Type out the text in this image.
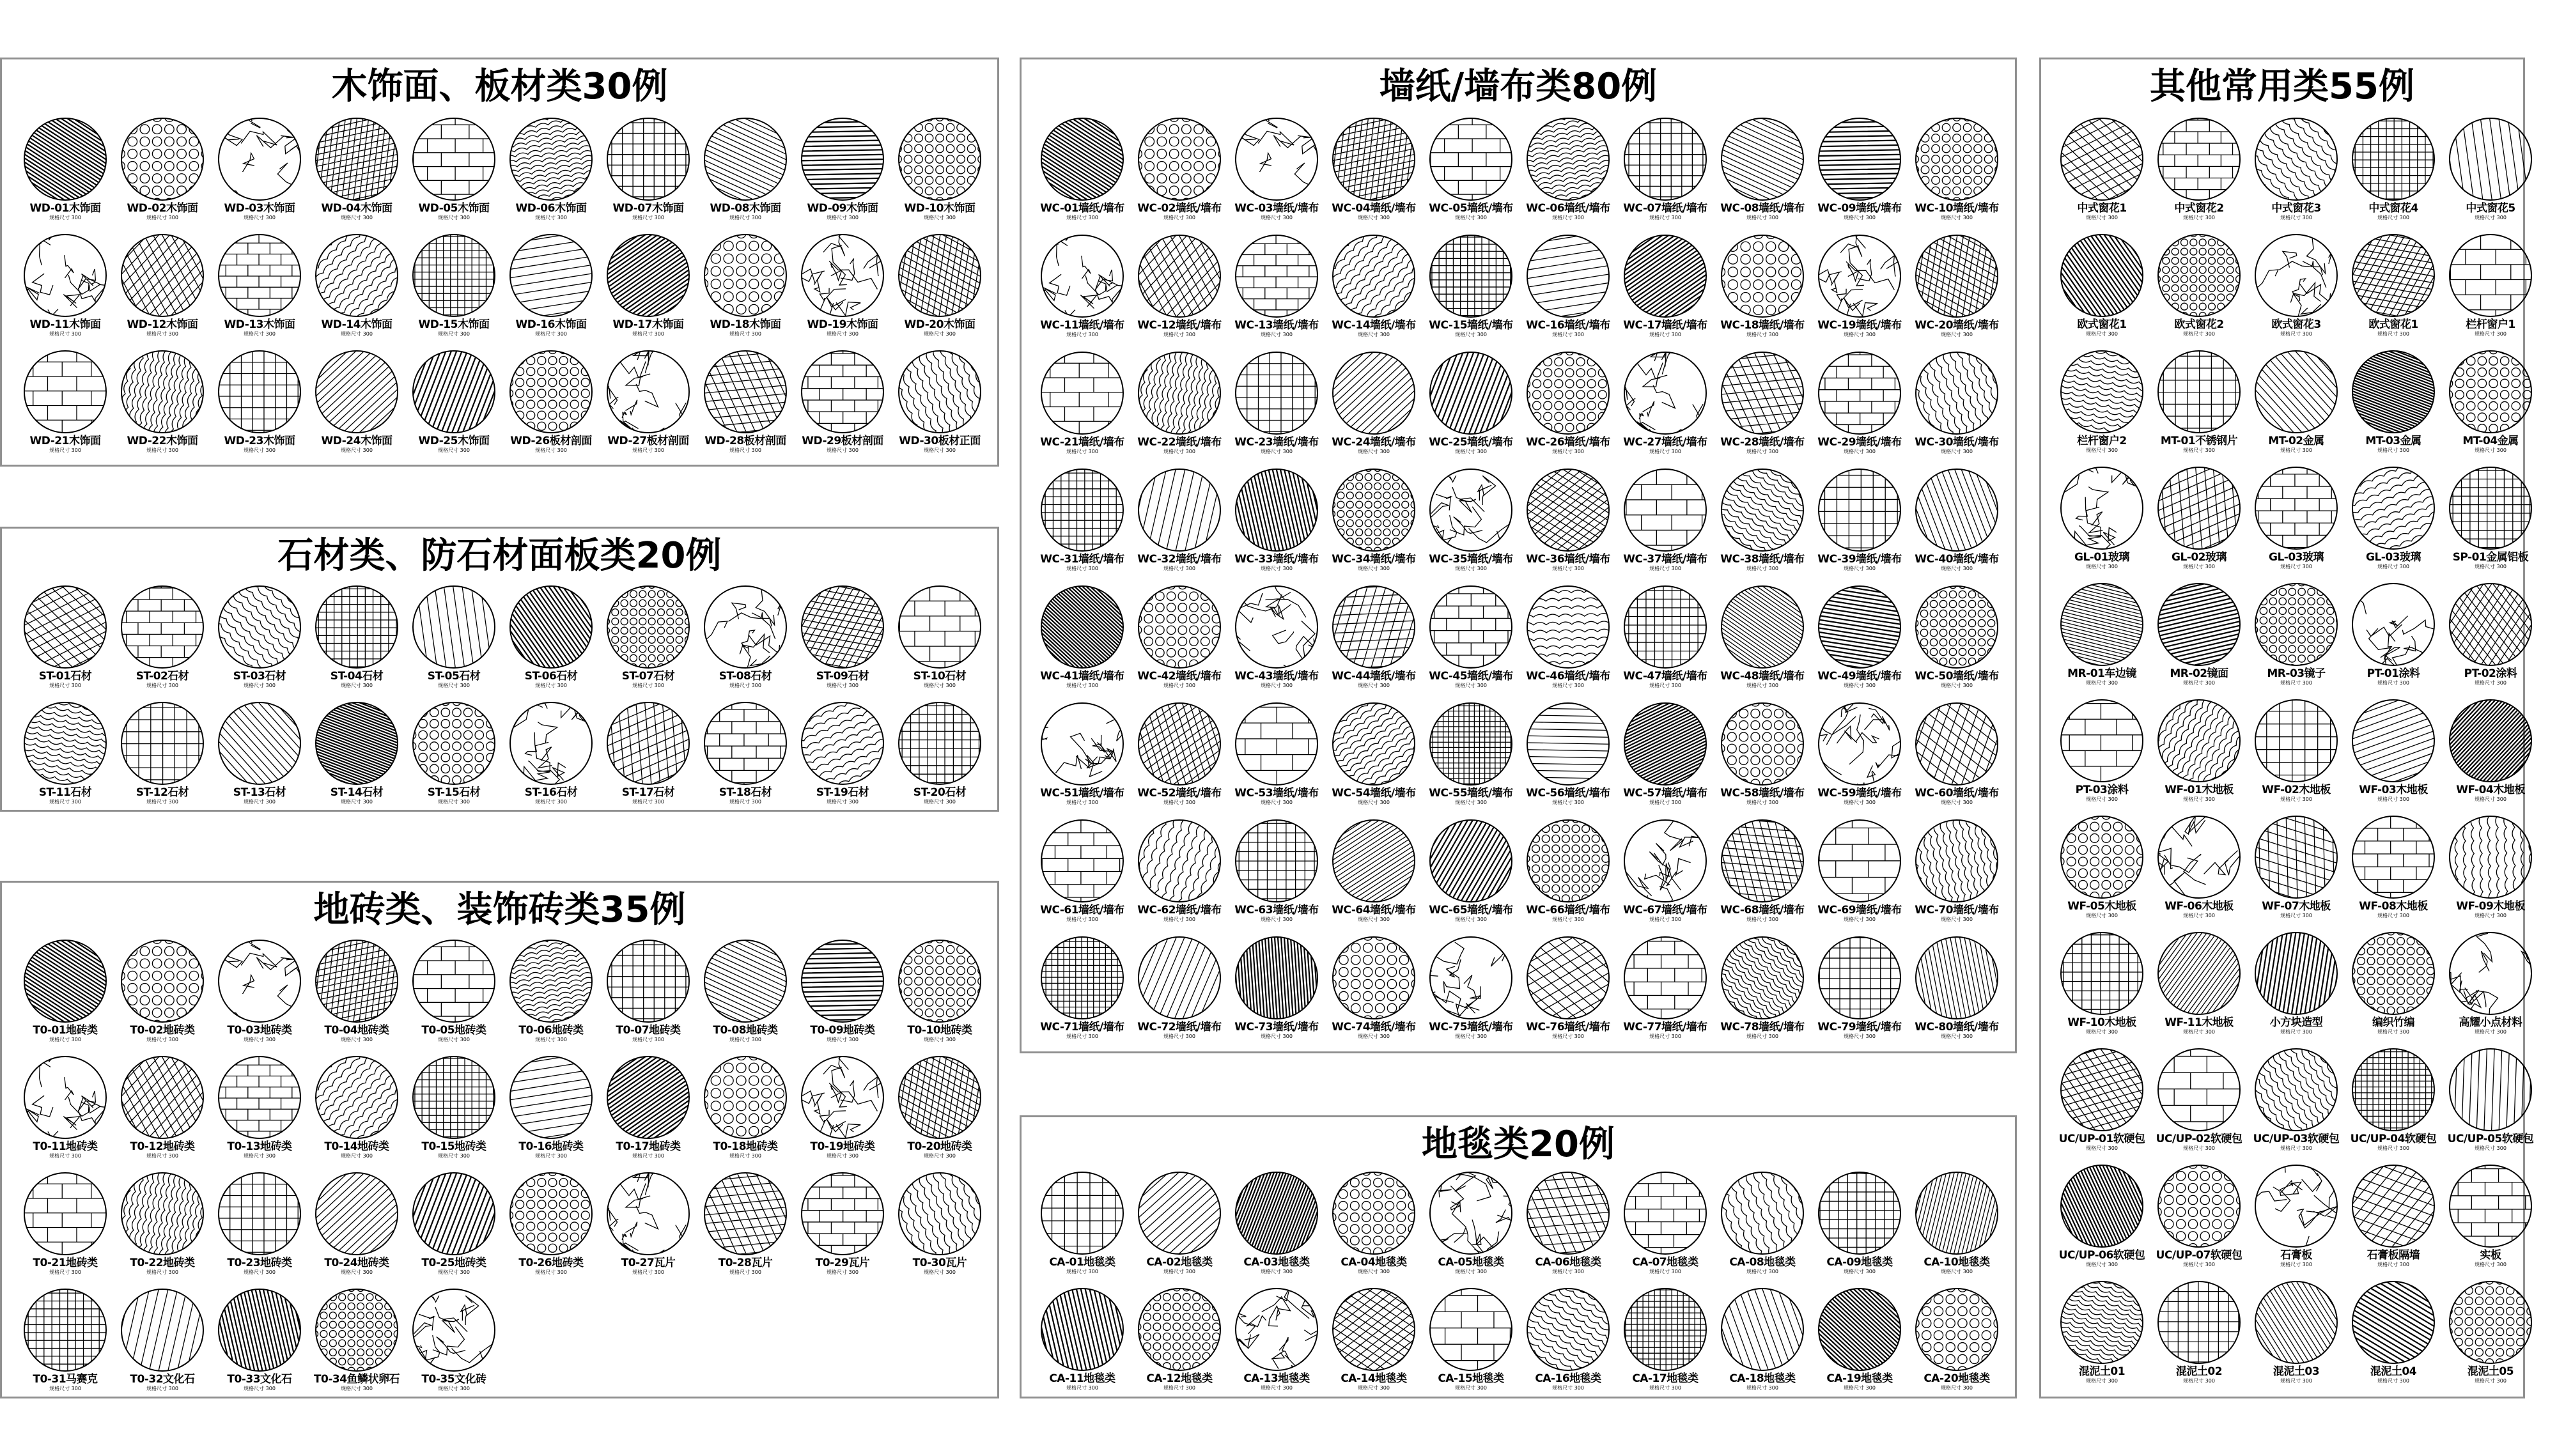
木饰面、板材类30例
WD-01木饰面
规格尺寸 300
WD-02木饰面
规格尺寸 300
WD-03木饰面
规格尺寸 300
WD-04木饰面
规格尺寸 300
WD-05木饰面
规格尺寸 300
WD-06木饰面
规格尺寸 300
WD-07木饰面
规格尺寸 300
WD-08木饰面
规格尺寸 300
WD-09木饰面
规格尺寸 300
WD-10木饰面
规格尺寸 300
WD-11木饰面
规格尺寸 300
WD-12木饰面
规格尺寸 300
WD-13木饰面
规格尺寸 300
WD-14木饰面
规格尺寸 300
WD-15木饰面
规格尺寸 300
WD-16木饰面
规格尺寸 300
WD-17木饰面
规格尺寸 300
WD-18木饰面
规格尺寸 300
WD-19木饰面
规格尺寸 300
WD-20木饰面
规格尺寸 300
WD-21木饰面
规格尺寸 300
WD-22木饰面
规格尺寸 300
WD-23木饰面
规格尺寸 300
WD-24木饰面
规格尺寸 300
WD-25木饰面
规格尺寸 300
WD-26板材剖面
规格尺寸 300
WD-27板材剖面
规格尺寸 300
WD-28板材剖面
规格尺寸 300
WD-29板材剖面
规格尺寸 300
WD-30板材正面
规格尺寸 300
石材类、防石材面板类20例
ST-01石材
规格尺寸 300
ST-02石材
规格尺寸 300
ST-03石材
规格尺寸 300
ST-04石材
规格尺寸 300
ST-05石材
规格尺寸 300
ST-06石材
规格尺寸 300
ST-07石材
规格尺寸 300
ST-08石材
规格尺寸 300
ST-09石材
规格尺寸 300
ST-10石材
规格尺寸 300
ST-11石材
规格尺寸 300
ST-12石材
规格尺寸 300
ST-13石材
规格尺寸 300
ST-14石材
规格尺寸 300
ST-15石材
规格尺寸 300
ST-16石材
规格尺寸 300
ST-17石材
规格尺寸 300
ST-18石材
规格尺寸 300
ST-19石材
规格尺寸 300
ST-20石材
规格尺寸 300
地砖类、装饰砖类35例
T0-01地砖类
规格尺寸 300
T0-02地砖类
规格尺寸 300
T0-03地砖类
规格尺寸 300
T0-04地砖类
规格尺寸 300
T0-05地砖类
规格尺寸 300
T0-06地砖类
规格尺寸 300
T0-07地砖类
规格尺寸 300
T0-08地砖类
规格尺寸 300
T0-09地砖类
规格尺寸 300
T0-10地砖类
规格尺寸 300
T0-11地砖类
规格尺寸 300
T0-12地砖类
规格尺寸 300
T0-13地砖类
规格尺寸 300
T0-14地砖类
规格尺寸 300
T0-15地砖类
规格尺寸 300
T0-16地砖类
规格尺寸 300
T0-17地砖类
规格尺寸 300
T0-18地砖类
规格尺寸 300
T0-19地砖类
规格尺寸 300
T0-20地砖类
规格尺寸 300
T0-21地砖类
规格尺寸 300
T0-22地砖类
规格尺寸 300
T0-23地砖类
规格尺寸 300
T0-24地砖类
规格尺寸 300
T0-25地砖类
规格尺寸 300
T0-26地砖类
规格尺寸 300
T0-27瓦片
规格尺寸 300
T0-28瓦片
规格尺寸 300
T0-29瓦片
规格尺寸 300
T0-30瓦片
规格尺寸 300
T0-31马赛克
规格尺寸 300
T0-32文化石
规格尺寸 300
T0-33文化石
规格尺寸 300
T0-34鱼鳞状卵石
规格尺寸 300
T0-35文化砖
规格尺寸 300
墙纸/墙布类80例
WC-01墙纸/墙布
规格尺寸 300
WC-02墙纸/墙布
规格尺寸 300
WC-03墙纸/墙布
规格尺寸 300
WC-04墙纸/墙布
规格尺寸 300
WC-05墙纸/墙布
规格尺寸 300
WC-06墙纸/墙布
规格尺寸 300
WC-07墙纸/墙布
规格尺寸 300
WC-08墙纸/墙布
规格尺寸 300
WC-09墙纸/墙布
规格尺寸 300
WC-10墙纸/墙布
规格尺寸 300
WC-11墙纸/墙布
规格尺寸 300
WC-12墙纸/墙布
规格尺寸 300
WC-13墙纸/墙布
规格尺寸 300
WC-14墙纸/墙布
规格尺寸 300
WC-15墙纸/墙布
规格尺寸 300
WC-16墙纸/墙布
规格尺寸 300
WC-17墙纸/墙布
规格尺寸 300
WC-18墙纸/墙布
规格尺寸 300
WC-19墙纸/墙布
规格尺寸 300
WC-20墙纸/墙布
规格尺寸 300
WC-21墙纸/墙布
规格尺寸 300
WC-22墙纸/墙布
规格尺寸 300
WC-23墙纸/墙布
规格尺寸 300
WC-24墙纸/墙布
规格尺寸 300
WC-25墙纸/墙布
规格尺寸 300
WC-26墙纸/墙布
规格尺寸 300
WC-27墙纸/墙布
规格尺寸 300
WC-28墙纸/墙布
规格尺寸 300
WC-29墙纸/墙布
规格尺寸 300
WC-30墙纸/墙布
规格尺寸 300
WC-31墙纸/墙布
规格尺寸 300
WC-32墙纸/墙布
规格尺寸 300
WC-33墙纸/墙布
规格尺寸 300
WC-34墙纸/墙布
规格尺寸 300
WC-35墙纸/墙布
规格尺寸 300
WC-36墙纸/墙布
规格尺寸 300
WC-37墙纸/墙布
规格尺寸 300
WC-38墙纸/墙布
规格尺寸 300
WC-39墙纸/墙布
规格尺寸 300
WC-40墙纸/墙布
规格尺寸 300
WC-41墙纸/墙布
规格尺寸 300
WC-42墙纸/墙布
规格尺寸 300
WC-43墙纸/墙布
规格尺寸 300
WC-44墙纸/墙布
规格尺寸 300
WC-45墙纸/墙布
规格尺寸 300
WC-46墙纸/墙布
规格尺寸 300
WC-47墙纸/墙布
规格尺寸 300
WC-48墙纸/墙布
规格尺寸 300
WC-49墙纸/墙布
规格尺寸 300
WC-50墙纸/墙布
规格尺寸 300
WC-51墙纸/墙布
规格尺寸 300
WC-52墙纸/墙布
规格尺寸 300
WC-53墙纸/墙布
规格尺寸 300
WC-54墙纸/墙布
规格尺寸 300
WC-55墙纸/墙布
规格尺寸 300
WC-56墙纸/墙布
规格尺寸 300
WC-57墙纸/墙布
规格尺寸 300
WC-58墙纸/墙布
规格尺寸 300
WC-59墙纸/墙布
规格尺寸 300
WC-60墙纸/墙布
规格尺寸 300
WC-61墙纸/墙布
规格尺寸 300
WC-62墙纸/墙布
规格尺寸 300
WC-63墙纸/墙布
规格尺寸 300
WC-64墙纸/墙布
规格尺寸 300
WC-65墙纸/墙布
规格尺寸 300
WC-66墙纸/墙布
规格尺寸 300
WC-67墙纸/墙布
规格尺寸 300
WC-68墙纸/墙布
规格尺寸 300
WC-69墙纸/墙布
规格尺寸 300
WC-70墙纸/墙布
规格尺寸 300
WC-71墙纸/墙布
规格尺寸 300
WC-72墙纸/墙布
规格尺寸 300
WC-73墙纸/墙布
规格尺寸 300
WC-74墙纸/墙布
规格尺寸 300
WC-75墙纸/墙布
规格尺寸 300
WC-76墙纸/墙布
规格尺寸 300
WC-77墙纸/墙布
规格尺寸 300
WC-78墙纸/墙布
规格尺寸 300
WC-79墙纸/墙布
规格尺寸 300
WC-80墙纸/墙布
规格尺寸 300
地毯类20例
CA-01地毯类
规格尺寸 300
CA-02地毯类
规格尺寸 300
CA-03地毯类
规格尺寸 300
CA-04地毯类
规格尺寸 300
CA-05地毯类
规格尺寸 300
CA-06地毯类
规格尺寸 300
CA-07地毯类
规格尺寸 300
CA-08地毯类
规格尺寸 300
CA-09地毯类
规格尺寸 300
CA-10地毯类
规格尺寸 300
CA-11地毯类
规格尺寸 300
CA-12地毯类
规格尺寸 300
CA-13地毯类
规格尺寸 300
CA-14地毯类
规格尺寸 300
CA-15地毯类
规格尺寸 300
CA-16地毯类
规格尺寸 300
CA-17地毯类
规格尺寸 300
CA-18地毯类
规格尺寸 300
CA-19地毯类
规格尺寸 300
CA-20地毯类
规格尺寸 300
其他常用类55例
中式窗花1
规格尺寸 300
中式窗花2
规格尺寸 300
中式窗花3
规格尺寸 300
中式窗花4
规格尺寸 300
中式窗花5
规格尺寸 300
欧式窗花1
规格尺寸 300
欧式窗花2
规格尺寸 300
欧式窗花3
规格尺寸 300
欧式窗花1
规格尺寸 300
栏杆窗户1
规格尺寸 300
栏杆窗户2
规格尺寸 300
MT-01不锈钢片
规格尺寸 300
MT-02金属
规格尺寸 300
MT-03金属
规格尺寸 300
MT-04金属
规格尺寸 300
GL-01玻璃
规格尺寸 300
GL-02玻璃
规格尺寸 300
GL-03玻璃
规格尺寸 300
GL-03玻璃
规格尺寸 300
SP-01金属铝板
规格尺寸 300
MR-01车边镜
规格尺寸 300
MR-02镜面
规格尺寸 300
MR-03镜子
规格尺寸 300
PT-01涂料
规格尺寸 300
PT-02涂料
规格尺寸 300
PT-03涂料
规格尺寸 300
WF-01木地板
规格尺寸 300
WF-02木地板
规格尺寸 300
WF-03木地板
规格尺寸 300
WF-04木地板
规格尺寸 300
WF-05木地板
规格尺寸 300
WF-06木地板
规格尺寸 300
WF-07木地板
规格尺寸 300
WF-08木地板
规格尺寸 300
WF-09木地板
规格尺寸 300
WF-10木地板
规格尺寸 300
WF-11木地板
规格尺寸 300
小方块造型
规格尺寸 300
编织竹编
规格尺寸 300
高耀小点材料
规格尺寸 300
UC/UP-01软硬包
规格尺寸 300
UC/UP-02软硬包
规格尺寸 300
UC/UP-03软硬包
规格尺寸 300
UC/UP-04软硬包
规格尺寸 300
UC/UP-05软硬包
规格尺寸 300
UC/UP-06软硬包
规格尺寸 300
UC/UP-07软硬包
规格尺寸 300
石膏板
规格尺寸 300
石膏板隔墙
规格尺寸 300
实板
规格尺寸 300
混泥土01
规格尺寸 300
混泥土02
规格尺寸 300
混泥土03
规格尺寸 300
混泥土04
规格尺寸 300
混泥土05
规格尺寸 300
